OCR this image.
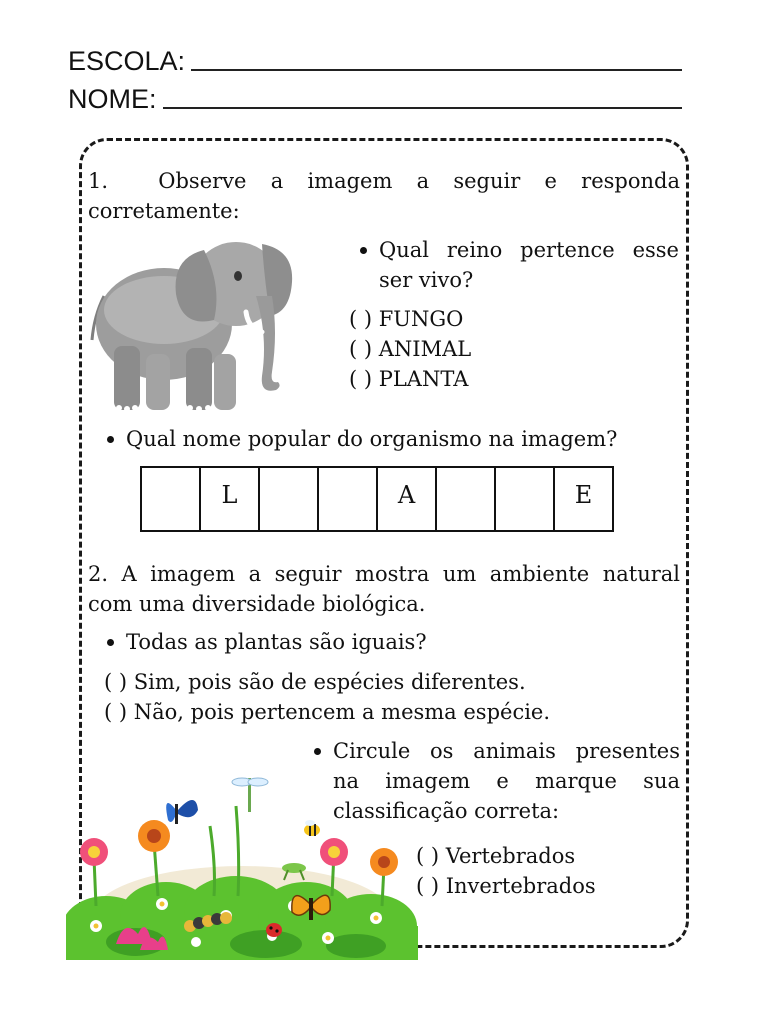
ESCOLA:
NOME:
1. Observe a imagem a seguir e responda
corretamente:
Qual reino pertence esse
ser vivo?
( ) FUNGO
( ) ANIMAL
( ) PLANTA
Qual nome popular do organismo na imagem?
L	A	E
2. A imagem a seguir mostra um ambiente natural
com uma diversidade biológica.
Todas as plantas são iguais?
( ) Sim, pois são de espécies diferentes.
( ) Não, pois pertencem a mesma espécie.
Circule os animais presentes
na imagem e marque sua
classificação correta:
( ) Vertebrados
( ) Invertebrados
